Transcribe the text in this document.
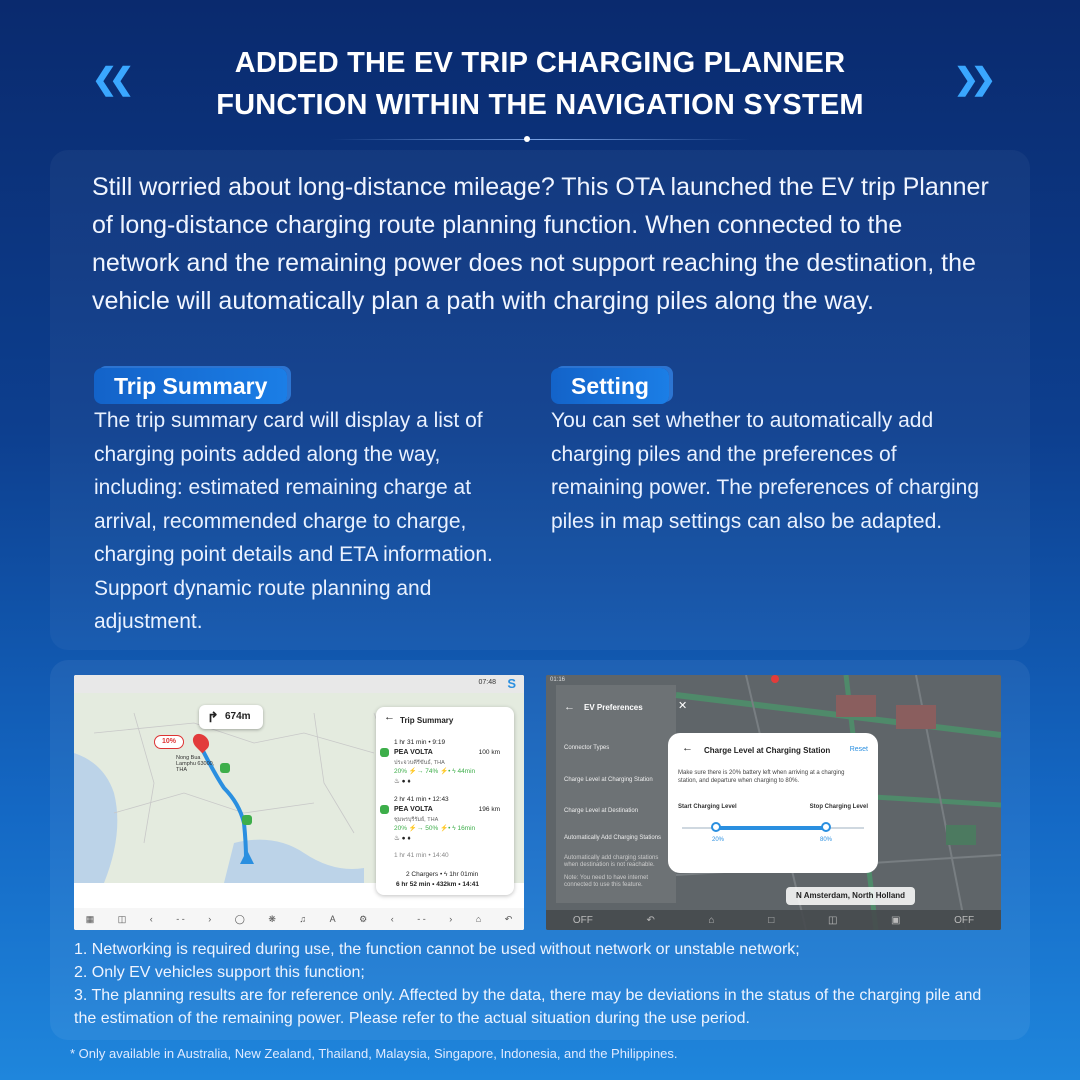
❮❮	❯❯
ADDED THE EV TRIP CHARGING PLANNER
FUNCTION WITHIN THE NAVIGATION SYSTEM

Still worried about long-distance mileage? This OTA launched the EV trip Planner of long-distance charging route planning function. When connected to the network and the remaining power does not support reaching the destination, the vehicle will automatically plan a path with charging piles along the way.

Trip Summary

The trip summary card will display a list of charging points added along the way, including: estimated remaining charge at arrival, recommended charge to charge, charging point details and ETA information. Support dynamic route planning and adjustment.

Setting

You can set whether to automatically add charging piles and the preferences of remaining power. The preferences of charging piles in map settings can also be adapted.

07:48 S
10%
Nong Bua Lamphu 63000, THA
↱ 674m	← Trip Summary
1 hr 31 min • 9:19
PEA VOLTA	100 km
ประจวบคีรีขันธ์, THA
20% ⚡→ 74% ⚡• ϟ 44min
♨ ● ♦
2 hr 41 min • 12:43
PEA VOLTA	196 km
ชุมพรบุรีรัมย์, THA
20% ⚡→ 50% ⚡• ϟ 16min
♨ ● ♦
1 hr 41 min • 14:40
2 Chargers • ϟ 1hr 01min
6 hr 52 min • 432km • 14:41
▦	◫	‹	- -	›	◯	❋	♫	A	⚙	‹	- -	›	⌂	↶
01:16
← EV Preferences	✕
Connector Types
Charge Level at Charging Station
Charge Level at Destination
Automatically Add Charging Stations
Automatically add charging stations when destination is not reachable.
Note: You need to have internet connected to use this feature.
← Charge Level at Charging Station	Reset
Make sure there is 20% battery left when arriving at a charging station, and departure when charging to 80%.
Start Charging Level	Stop Charging Level
20%	80%
N Amsterdam, North Holland
OFF	↶	⌂	□	◫	▣	OFF
1. Networking is required during use, the function cannot be used without network or unstable network;
2. Only EV vehicles support this function;
3. The planning results are for reference only. Affected by the data, there may be deviations in the status of the charging pile and the estimation of the remaining power. Please refer to the actual situation during the use period.
* Only available in Australia, New Zealand, Thailand, Malaysia, Singapore, Indonesia, and the Philippines.
